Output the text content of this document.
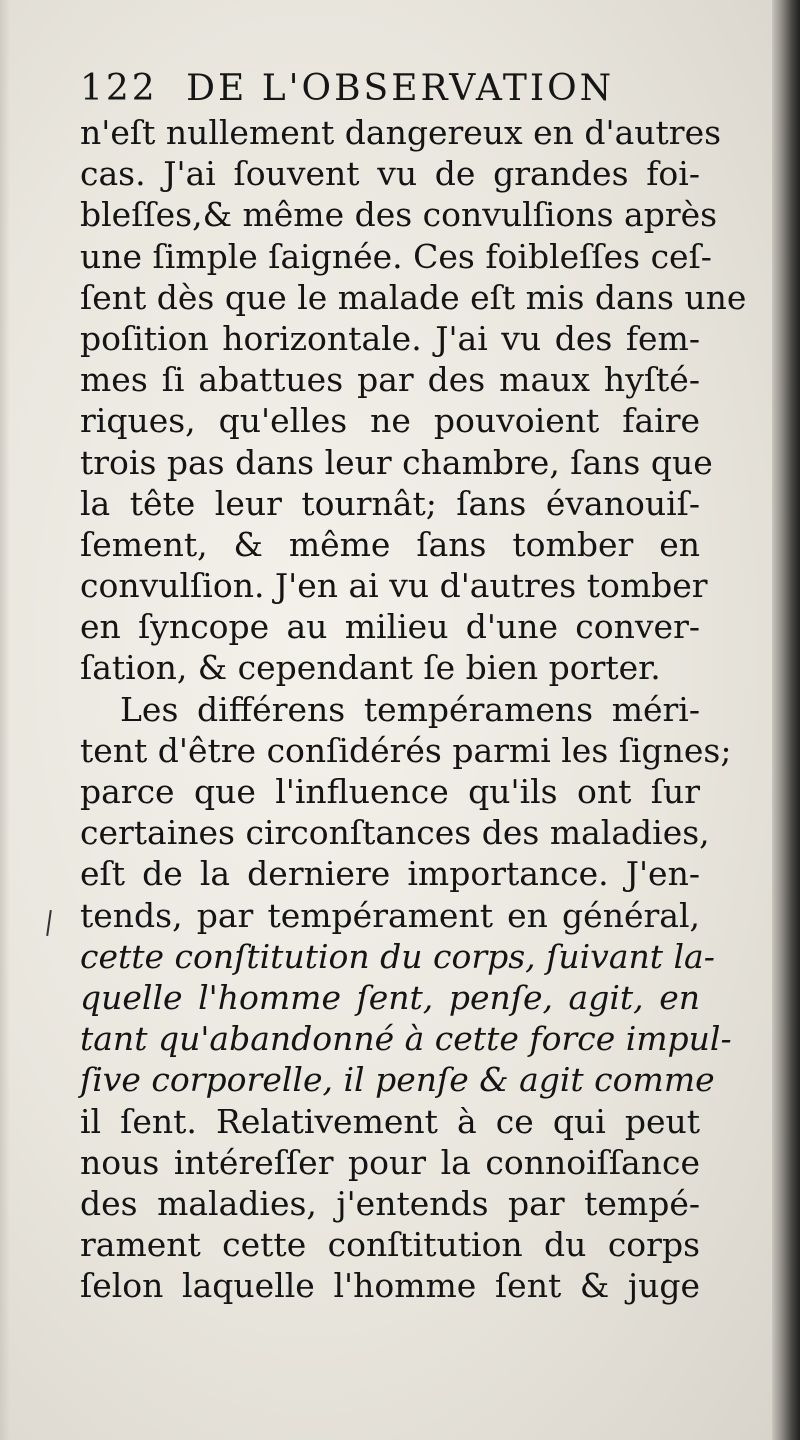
122 DE L'OBSERVATION
n'eſt nullement dangereux en d'autres
cas. J'ai ſouvent vu de grandes foi-
bleſſes,& même des convulſions après
une ſimple ſaignée. Ces foibleſſes ceſ-
ſent dès que le malade eſt mis dans une
poſition horizontale. J'ai vu des fem-
mes ſi abattues par des maux hyſté-
riques, qu'elles ne pouvoient faire
trois pas dans leur chambre, ſans que
la tête leur tournât; ſans évanouiſ-
ſement, & même ſans tomber en
convulſion. J'en ai vu d'autres tomber
en ſyncope au milieu d'une conver-
ſation, & cependant ſe bien porter.
Les différens tempéramens méri-
tent d'être conſidérés parmi les ſignes;
parce que l'influence qu'ils ont ſur
certaines circonſtances des maladies,
eſt de la derniere importance. J'en-
tends, par tempérament en général,
cette conſtitution du corps, ſuivant la-
quelle l'homme ſent, penſe, agit, en
tant qu'abandonné à cette force impul-
ſive corporelle, il penſe & agit comme
il ſent. Relativement à ce qui peut
nous intéreſſer pour la connoiſſance
des maladies, j'entends par tempé-
rament cette conſtitution du corps
ſelon laquelle l'homme ſent & juge
